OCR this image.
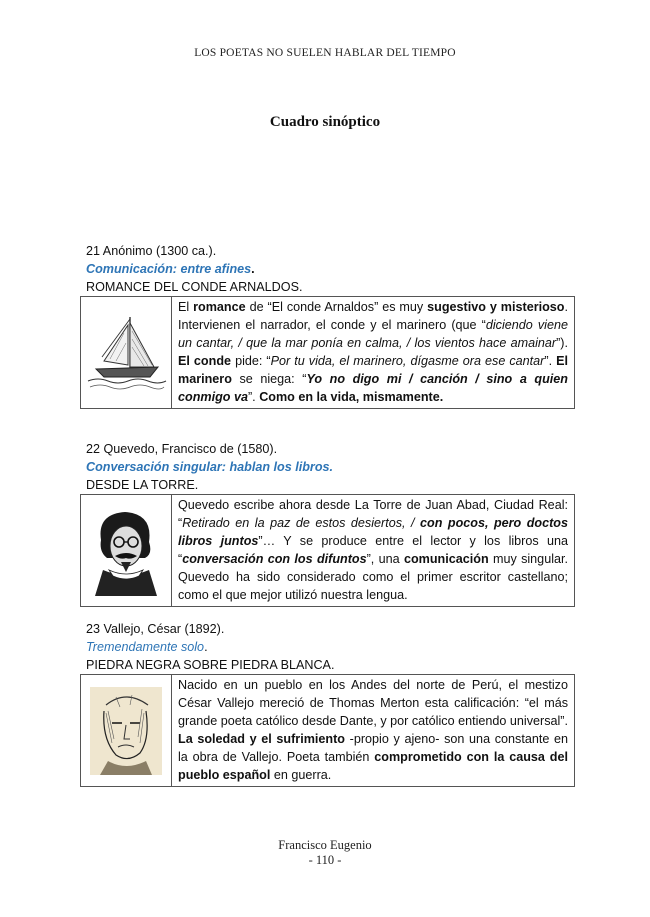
LOS POETAS NO SUELEN HABLAR DEL TIEMPO
Cuadro sinóptico
21 Anónimo (1300 ca.).
Comunicación: entre afines.
ROMANCE DEL CONDE ARNALDOS.
El romance de “El conde Arnaldos” es muy sugestivo y misterioso. Intervienen el narrador, el conde y el marinero (que “diciendo viene un cantar, / que la mar ponía en calma, / los vientos hace amainar”). El conde pide: “Por tu vida, el marinero, dígasme ora ese cantar”. El marinero se niega: “Yo no digo mi / canción / sino a quien conmigo va”. Como en la vida, mismamente.
22 Quevedo, Francisco de (1580).
Conversación singular: hablan los libros.
DESDE LA TORRE.
Quevedo escribe ahora desde La Torre de Juan Abad, Ciudad Real: “Retirado en la paz de estos desiertos, / con pocos, pero doctos libros juntos”… Y se produce entre el lector y los libros una “conversación con los difuntos”, una comunicación muy singular. Quevedo ha sido considerado como el primer escritor castellano; como el que mejor utilizó nuestra lengua.
23 Vallejo, César (1892).
Tremendamente solo.
PIEDRA NEGRA SOBRE PIEDRA BLANCA.
Nacido en un pueblo en los Andes del norte de Perú, el mestizo César Vallejo mereció de Thomas Merton esta calificación: “el más grande poeta católico desde Dante, y por católico entiendo universal”. La soledad y el sufrimiento -propio y ajeno- son una constante en la obra de Vallejo. Poeta también comprometido con la causa del pueblo español en guerra.
Francisco Eugenio
- 110 -
